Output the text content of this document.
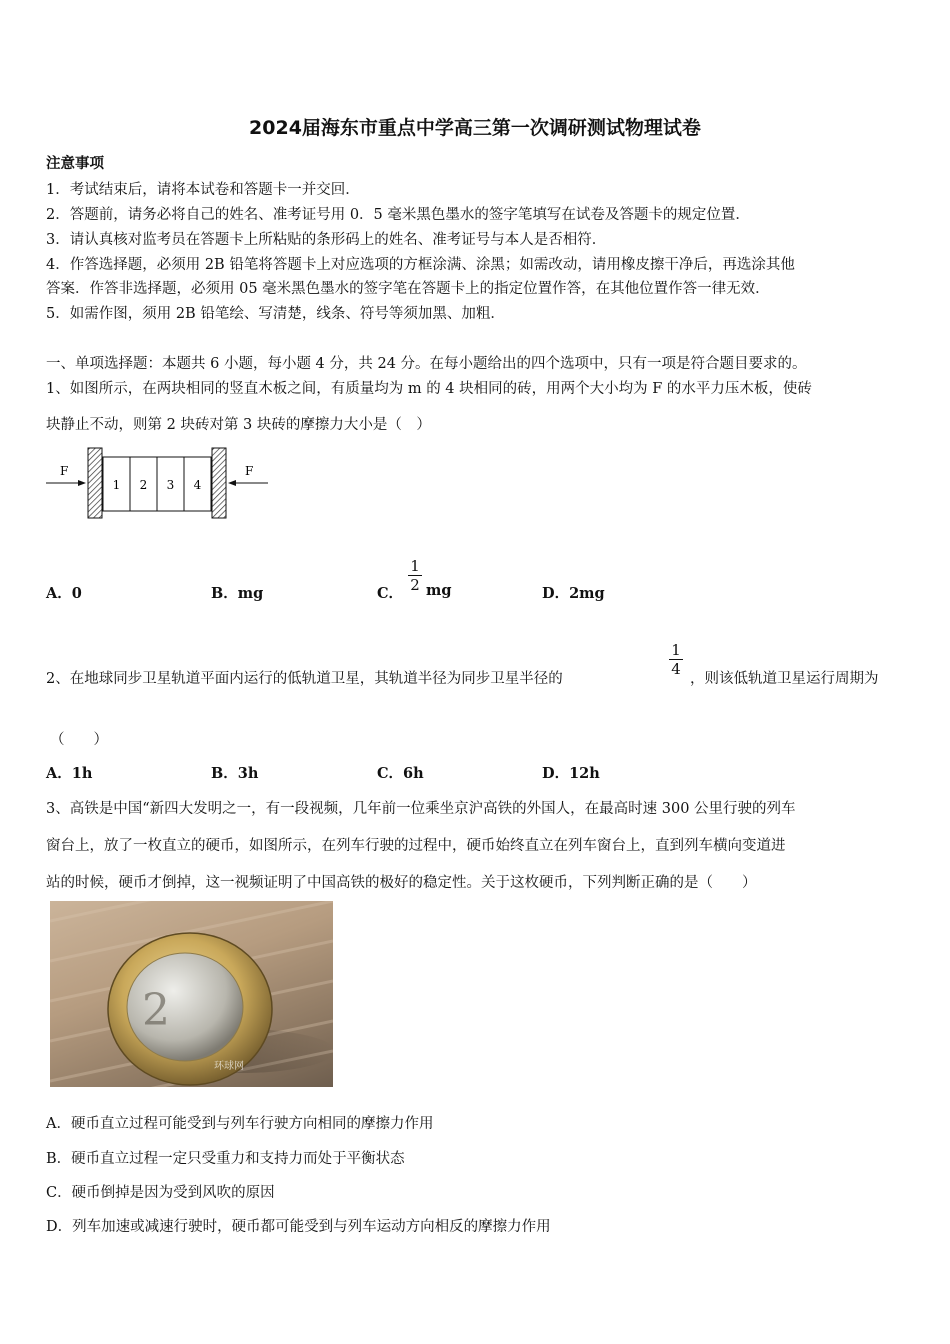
2024届海东市重点中学高三第一次调研测试物理试卷
注意事项
1．考试结束后，请将本试卷和答题卡一并交回．
2．答题前，请务必将自己的姓名、准考证号用 0．5 毫米黑色墨水的签字笔填写在试卷及答题卡的规定位置．
3．请认真核对监考员在答题卡上所粘贴的条形码上的姓名、准考证号与本人是否相符．
4．作答选择题，必须用 2B 铅笔将答题卡上对应选项的方框涂满、涂黑；如需改动，请用橡皮擦干净后，再选涂其他
答案．作答非选择题，必须用 05 毫米黑色墨水的签字笔在答题卡上的指定位置作答，在其他位置作答一律无效．
5．如需作图，须用 2B 铅笔绘、写清楚，线条、符号等须加黑、加粗．
一、单项选择题：本题共 6 小题，每小题 4 分，共 24 分。在每小题给出的四个选项中，只有一项是符合题目要求的。
1、如图所示，在两块相同的竖直木板之间，有质量均为 m 的 4 块相同的砖，用两个大小均为 F 的水平力压木板，使砖
块静止不动，则第 2 块砖对第 3 块砖的摩擦力大小是（　）
F
1 2 3 4
F
A．0	B．mg	C． $\frac{1}{2}$ mg	D．2mg
2、在地球同步卫星轨道平面内运行的低轨道卫星，其轨道半径为同步卫星半径的
$\frac{1}{4}$
，则该低轨道卫星运行周期为
（　　）
A．1h	B．3h	C．6h	D．12h
3、高铁是中国“新四大发明之一，有一段视频，几年前一位乘坐京沪高铁的外国人，在最高时速 300 公里行驶的列车
窗台上，放了一枚直立的硬币，如图所示，在列车行驶的过程中，硬币始终直立在列车窗台上，直到列车横向变道进
站的时候，硬币才倒掉，这一视频证明了中国高铁的极好的稳定性。关于这枚硬币，下列判断正确的是（　　）
2
环球网
A．硬币直立过程可能受到与列车行驶方向相同的摩擦力作用
B．硬币直立过程一定只受重力和支持力而处于平衡状态
C．硬币倒掉是因为受到风吹的原因
D．列车加速或减速行驶时，硬币都可能受到与列车运动方向相反的摩擦力作用
